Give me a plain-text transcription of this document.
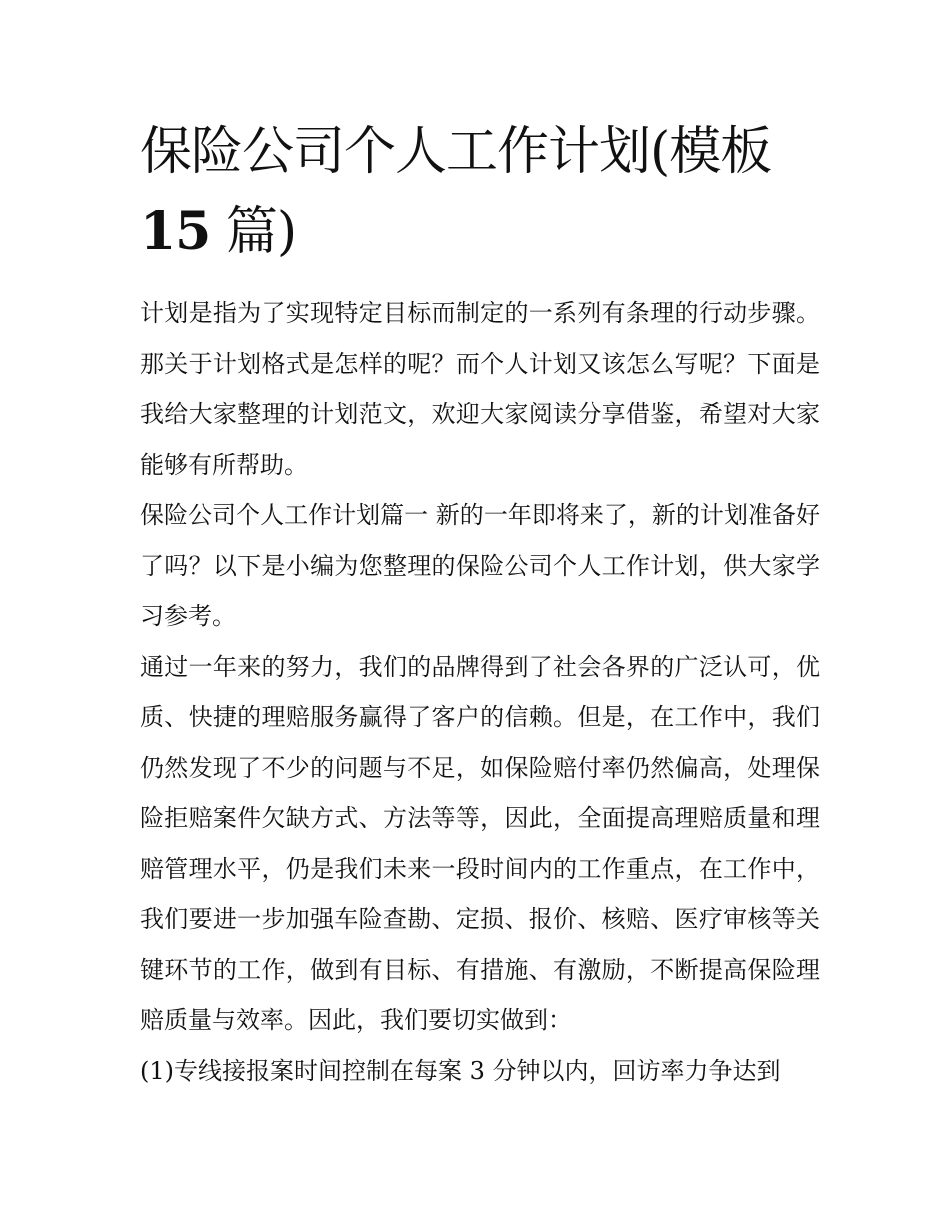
保险公司个人工作计划(模板
15 篇)

计划是指为了实现特定目标而制定的一系列有条理的行动步骤。那关于计划格式是怎样的呢？而个人计划又该怎么写呢？下面是我给大家整理的计划范文，欢迎大家阅读分享借鉴，希望对大家能够有所帮助。

保险公司个人工作计划篇一 新的一年即将来了，新的计划准备好了吗？以下是小编为您整理的保险公司个人工作计划，供大家学习参考。

通过一年来的努力，我们的品牌得到了社会各界的广泛认可，优质、快捷的理赔服务赢得了客户的信赖。但是，在工作中，我们仍然发现了不少的问题与不足，如保险赔付率仍然偏高，处理保险拒赔案件欠缺方式、方法等等，因此，全面提高理赔质量和理赔管理水平，仍是我们未来一段时间内的工作重点，在工作中，我们要进一步加强车险查勘、定损、报价、核赔、医疗审核等关键环节的工作，做到有目标、有措施、有激励，不断提高保险理赔质量与效率。因此，我们要切实做到：

(1)专线接报案时间控制在每案 3 分钟以内，回访率力争达到
